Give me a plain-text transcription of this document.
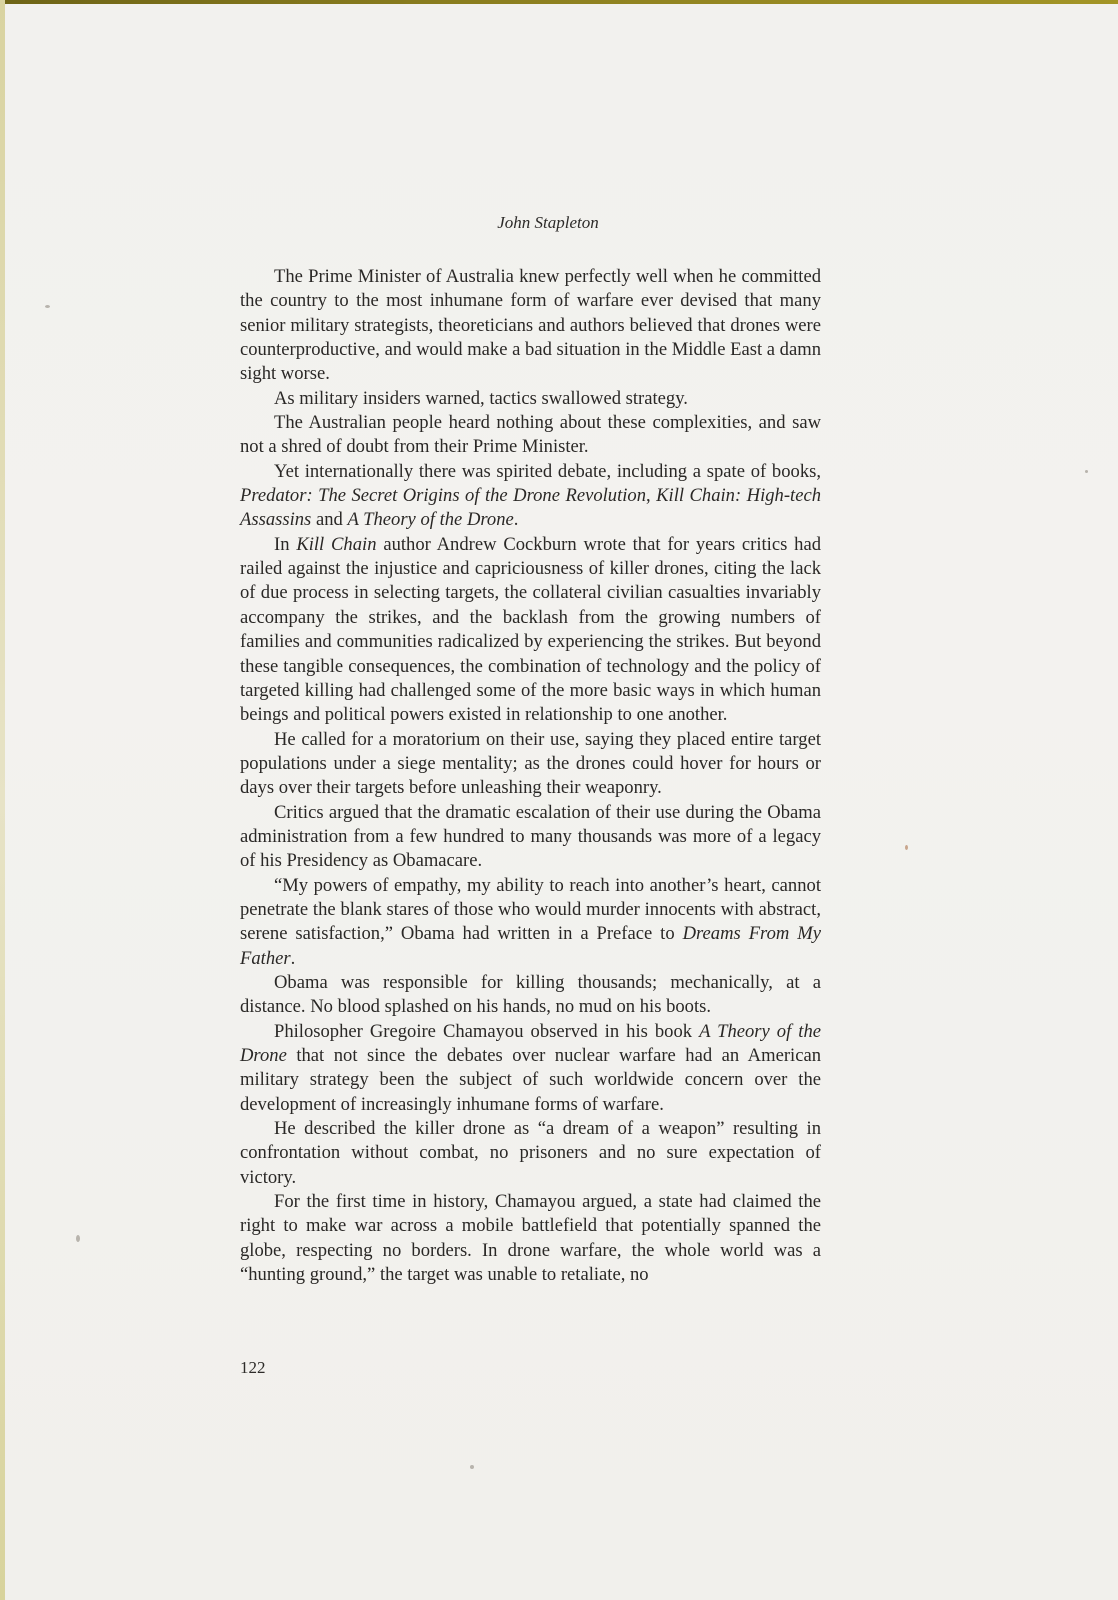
John Stapleton

The Prime Minister of Australia knew perfectly well when he committed the country to the most inhumane form of warfare ever devised that many senior military strategists, theoreticians and authors believed that drones were counterproductive, and would make a bad situation in the Middle East a damn sight worse.

As military insiders warned, tactics swallowed strategy.

The Australian people heard nothing about these complexities, and saw not a shred of doubt from their Prime Minister.

Yet internationally there was spirited debate, including a spate of books, Predator: The Secret Origins of the Drone Revolution, Kill Chain: High-tech Assassins and A Theory of the Drone.

In Kill Chain author Andrew Cockburn wrote that for years critics had railed against the injustice and capriciousness of killer drones, citing the lack of due process in selecting targets, the collateral civilian casualties invariably accompany the strikes, and the backlash from the growing numbers of families and communities radicalized by experiencing the strikes. But beyond these tangible consequences, the combination of technology and the policy of targeted killing had challenged some of the more basic ways in which human beings and political powers existed in relationship to one another.

He called for a moratorium on their use, saying they placed entire target populations under a siege mentality; as the drones could hover for hours or days over their targets before unleashing their weaponry.

Critics argued that the dramatic escalation of their use during the Obama administration from a few hundred to many thousands was more of a legacy of his Presidency as Obamacare.

“My powers of empathy, my ability to reach into another’s heart, cannot penetrate the blank stares of those who would murder innocents with abstract, serene satisfaction,” Obama had written in a Preface to Dreams From My Father.

Obama was responsible for killing thousands; mechanically, at a distance. No blood splashed on his hands, no mud on his boots.

Philosopher Gregoire Chamayou observed in his book A Theory of the Drone that not since the debates over nuclear warfare had an American military strategy been the subject of such worldwide concern over the development of increasingly inhumane forms of warfare.

He described the killer drone as “a dream of a weapon” resulting in confrontation without combat, no prisoners and no sure expectation of victory.

For the first time in history, Chamayou argued, a state had claimed the right to make war across a mobile battlefield that potentially spanned the globe, respecting no borders. In drone warfare, the whole world was a “hunting ground,” the target was unable to retaliate, no

122
